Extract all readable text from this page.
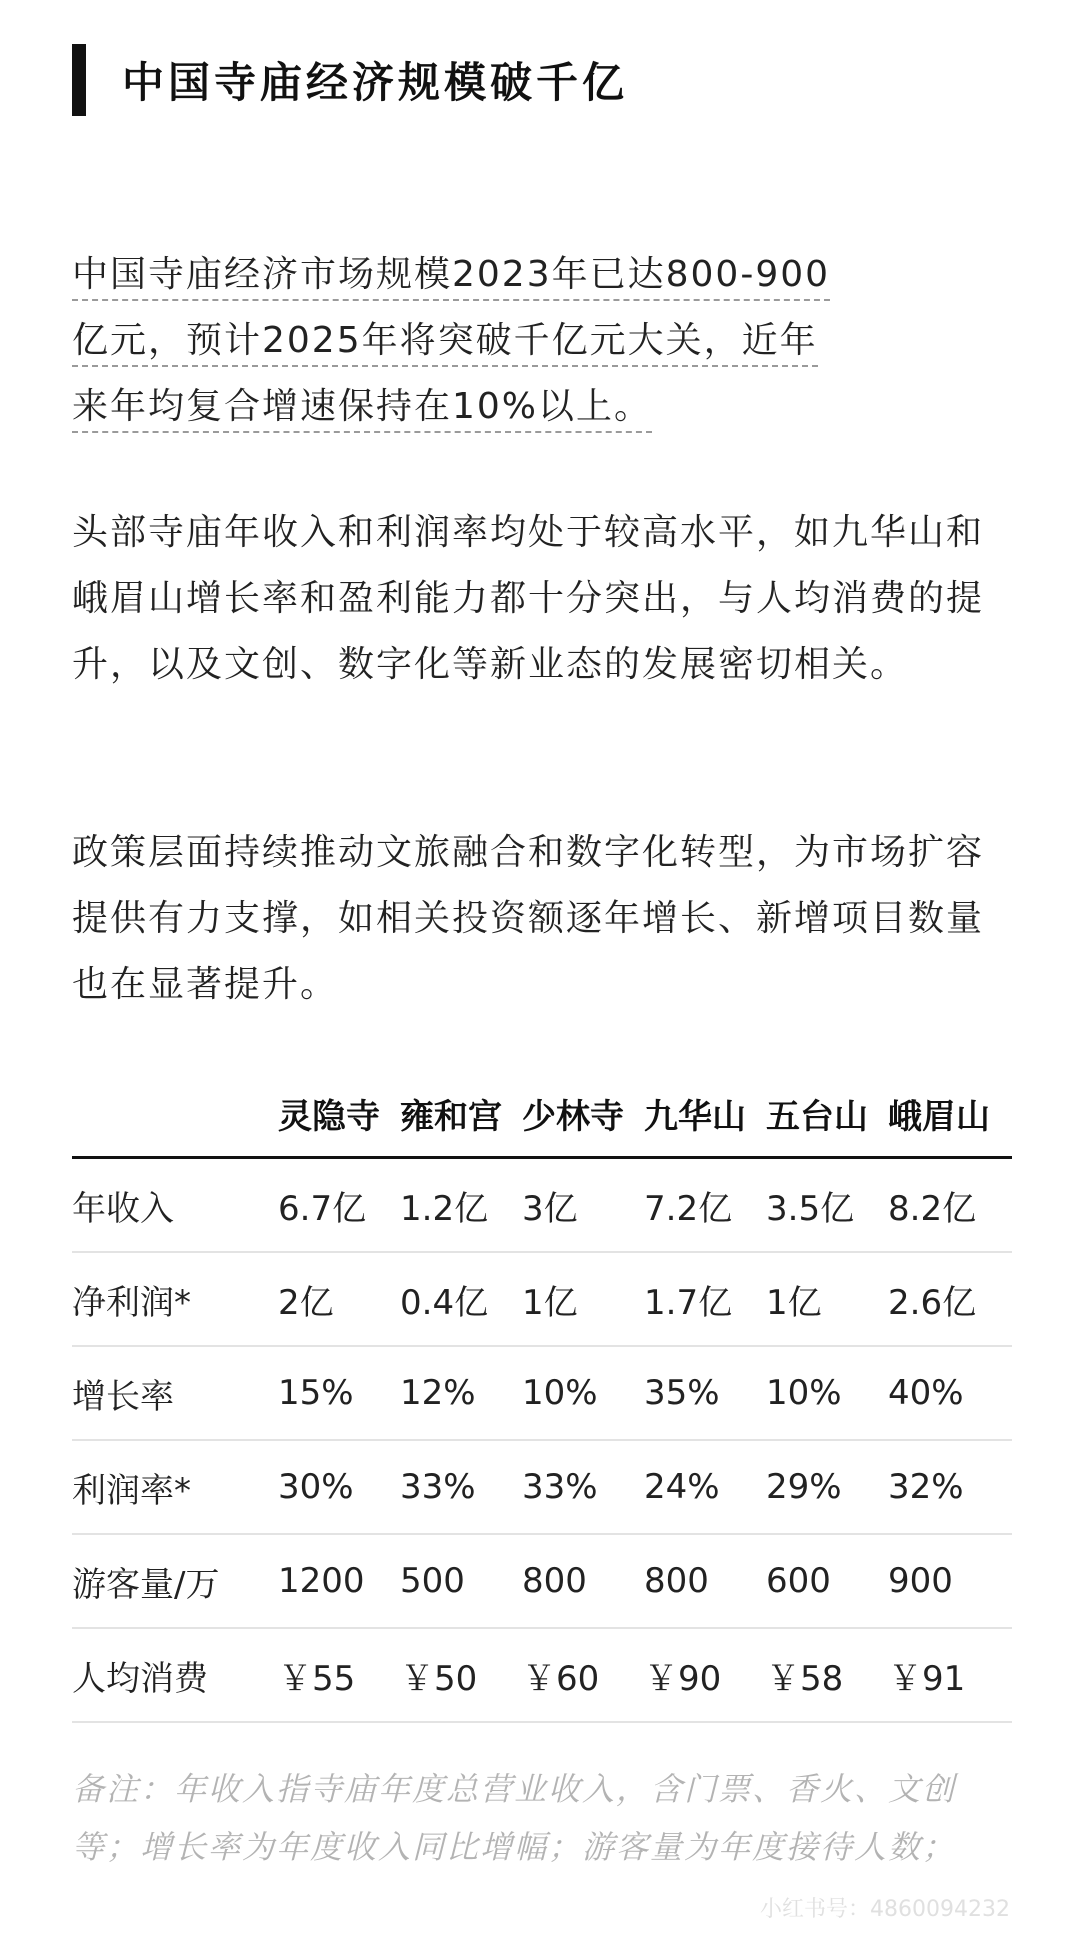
中国寺庙经济规模破千亿
中国寺庙经济市场规模2023年已达800-900
亿元，预计2025年将突破千亿元大关，近年
来年均复合增速保持在10%以上。
头部寺庙年收入和利润率均处于较高水平，如九华山和峨眉山增长率和盈利能力都十分突出，与人均消费的提升，以及文创、数字化等新业态的发展密切相关。
政策层面持续推动文旅融合和数字化转型，为市场扩容提供有力支撑，如相关投资额逐年增长、新增项目数量也在显著提升。
灵隐寺 雍和宫 少林寺 九华山 五台山 峨眉山
年收入	6.7亿 1.2亿 3亿	7.2亿 3.5亿 8.2亿
净利润*	2亿	0.4亿 1亿	1.7亿 1亿	2.6亿
增长率	15%	12%	10%	35%	10%	40%
利润率*	30%	33%	33%	24%	29%	32%
游客量/万	1200	500	800	800	600	900
人均消费	￥55	￥50	￥60	￥90	￥58	￥91
备注：年收入指寺庙年度总营业收入，含门票、香火、文创等；增长率为年度收入同比增幅；游客量为年度接待人数；
小红书号：4860094232
